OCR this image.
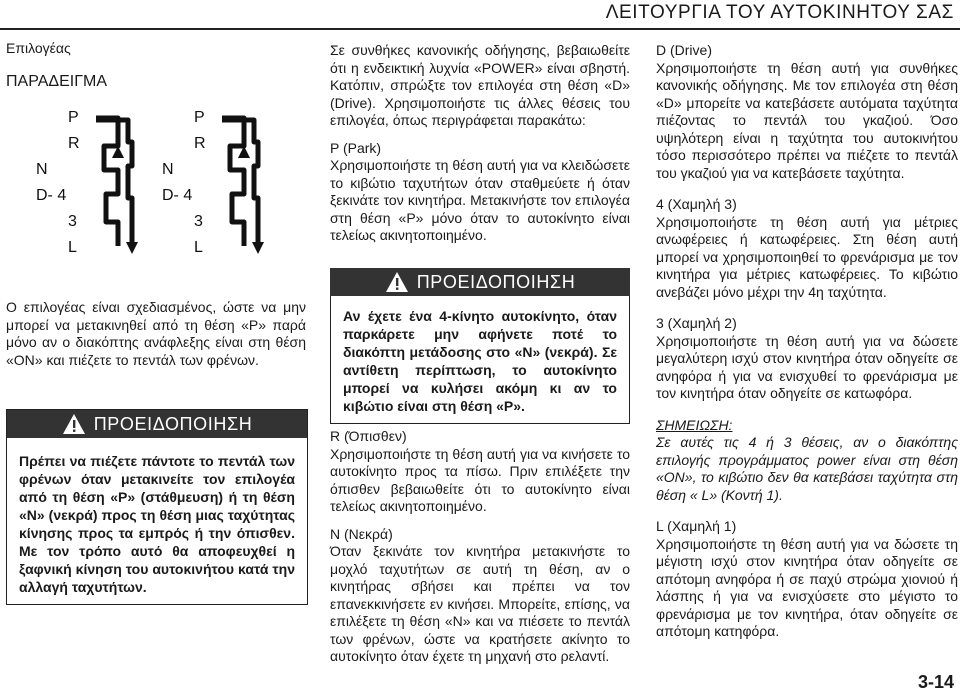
ΛΕΙΤΟΥΡΓΙΑ ΤΟΥ ΑΥΤΟΚΙΝΗΤΟΥ ΣΑΣ

Επιλογέας

ΠΑΡΑΔΕΙΓΜΑ

P
R
N
D- 4
3
L
P
R
N
D- 4
3
L

Ο επιλογέας είναι σχεδιασμένος, ώστε να μην μπορεί να μετακινηθεί από τη θέση «P» παρά μόνο αν ο διακόπτης ανάφλεξης είναι στη θέση «ON» και πιέζετε το πεντάλ των φρένων.

ΠΡΟΕΙΔΟΠΟΙΗΣΗ
Πρέπει να πιέζετε πάντοτε το πεντάλ των φρένων όταν μετακινείτε τον επιλογέα από τη θέση «P» (στάθμευση) ή τη θέση «N» (νεκρά) προς τη θέση μιας ταχύτητας κίνησης προς τα εμπρός ή την όπισθεν. Με τον τρόπο αυτό θα αποφευχθεί η ξαφνική κίνηση του αυτοκινήτου κατά την αλλαγή ταχυτήτων.

Σε συνθήκες κανονικής οδήγησης, βεβαιωθείτε ότι η ενδεικτική λυχνία «POWER» είναι σβηστή. Κατόπιν, σπρώξτε τον επιλογέα στη θέση «D» (Drive). Χρησιμοποιήστε τις άλλες θέσεις του επιλογέα, όπως περιγράφεται παρακάτω:

P (Park)

Χρησιμοποιήστε τη θέση αυτή για να κλειδώσετε το κιβώτιο ταχυτήτων όταν σταθμεύετε ή όταν ξεκινάτε τον κινητήρα. Μετακινήστε τον επιλογέα στη θέση «P» μόνο όταν το αυτοκίνητο είναι τελείως ακινητοποιημένο.

ΠΡΟΕΙΔΟΠΟΙΗΣΗ
Αν έχετε ένα 4-κίνητο αυτοκίνητο, όταν παρκάρετε μην αφήνετε ποτέ το διακόπτη μετάδοσης στο «N» (νεκρά). Σε αντίθετη περίπτωση, το αυτοκίνητο μπορεί να κυλήσει ακόμη κι αν το κιβώτιο είναι στη θέση «P».

R (Όπισθεν)

Χρησιμοποιήστε τη θέση αυτή για να κινήσετε το αυτοκίνητο προς τα πίσω. Πριν επιλέξετε την όπισθεν βεβαιωθείτε ότι το αυτοκίνητο είναι τελείως ακινητοποιημένο.

N (Νεκρά)

Όταν ξεκινάτε τον κινητήρα μετακινήστε το μοχλό ταχυτήτων σε αυτή τη θέση, αν ο κινητήρας σβήσει και πρέπει να τον επανεκκινήσετε εν κινήσει. Μπορείτε, επίσης, να επιλέξετε τη θέση «N» και να πιέσετε το πεντάλ των φρένων, ώστε να κρατήσετε ακίνητο το αυτοκίνητο όταν έχετε τη μηχανή στο ρελαντί.

D (Drive)

Χρησιμοποιήστε τη θέση αυτή για συνθήκες κανονικής οδήγησης. Με τον επιλογέα στη θέση «D» μπορείτε να κατεβάσετε αυτόματα ταχύτητα πιέζοντας το πεντάλ του γκαζιού. Όσο υψηλότερη είναι η ταχύτητα του αυτοκινήτου τόσο περισσότερο πρέπει να πιέζετε το πεντάλ του γκαζιού για να κατεβάσετε ταχύτητα.

4 (Χαμηλή 3)

Χρησιμοποιήστε τη θέση αυτή για μέτριες ανωφέρειες ή κατωφέρειες. Στη θέση αυτή μπορεί να χρησιμοποιηθεί το φρενάρισμα με τον κινητήρα για μέτριες κατωφέρειες. Το κιβώτιο ανεβάζει μόνο μέχρι την 4η ταχύτητα.

3 (Χαμηλή 2)

Χρησιμοποιήστε τη θέση αυτή για να δώσετε μεγαλύτερη ισχύ στον κινητήρα όταν οδηγείτε σε ανηφόρα ή για να ενισχυθεί το φρενάρισμα με τον κινητήρα όταν οδηγείτε σε κατωφόρα.

ΣΗΜΕΙΩΣΗ:

Σε αυτές τις 4 ή 3 θέσεις, αν ο διακόπτης επιλογής προγράμματος power είναι στη θέση «ON», το κιβώτιο δεν θα κατεβάσει ταχύτητα στη θέση « L» (Κοντή 1).

L (Χαμηλή 1)

Χρησιμοποιήστε τη θέση αυτή για να δώσετε τη μέγιστη ισχύ στον κινητήρα όταν οδηγείτε σε απότομη ανηφόρα ή σε παχύ στρώμα χιονιού ή λάσπης ή για να ενισχύσετε στο μέγιστο το φρενάρισμα με τον κινητήρα, όταν οδηγείτε σε απότομη κατηφόρα.

3-14
